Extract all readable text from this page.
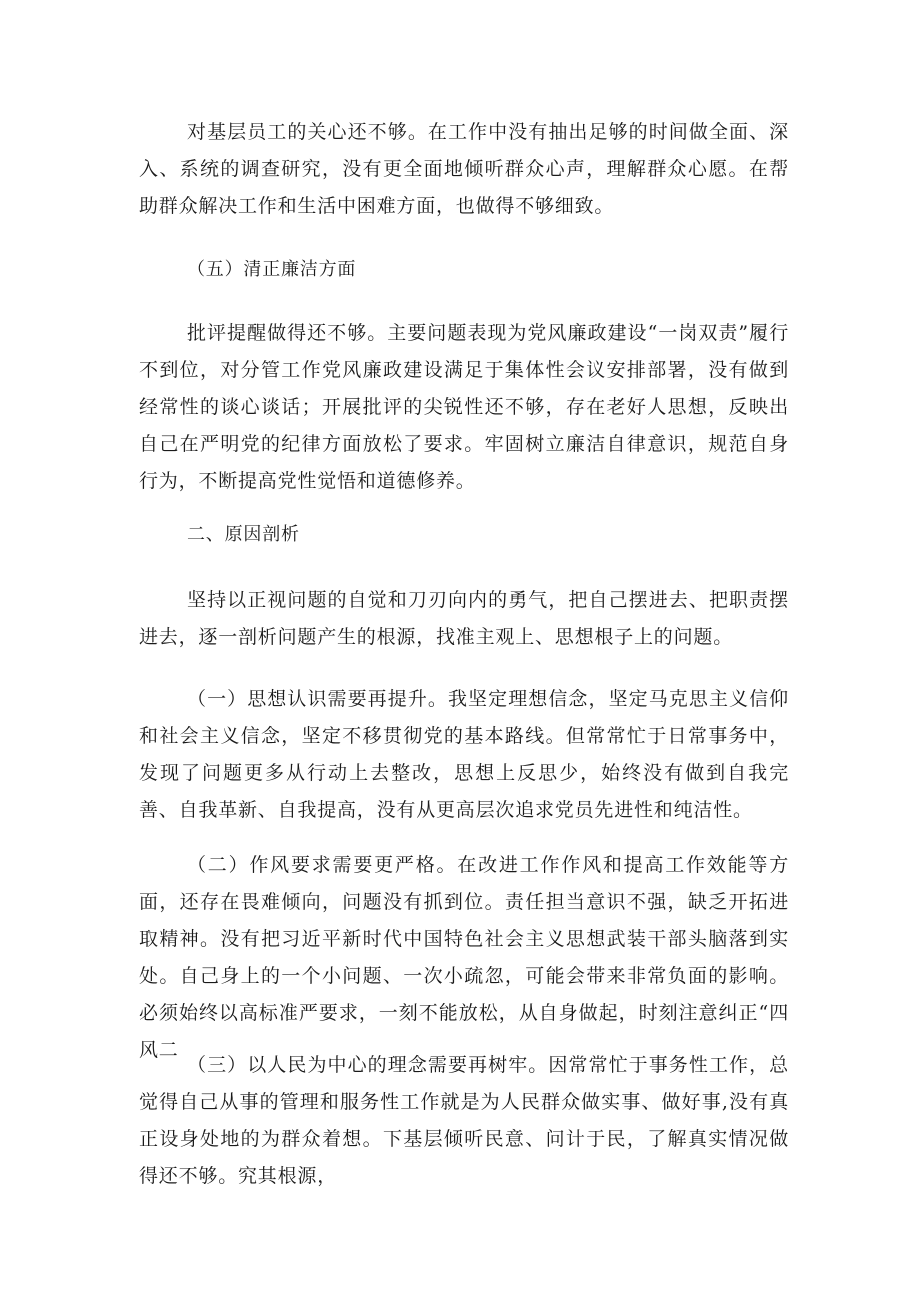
对基层员工的关心还不够。在工作中没有抽出足够的时间做全面、深入、系统的调查研究，没有更全面地倾听群众心声，理解群众心愿。在帮助群众解决工作和生活中困难方面，也做得不够细致。

（五）清正廉洁方面

批评提醒做得还不够。主要问题表现为党风廉政建设“一岗双责”履行不到位，对分管工作党风廉政建设满足于集体性会议安排部署，没有做到经常性的谈心谈话；开展批评的尖锐性还不够，存在老好人思想，反映出自己在严明党的纪律方面放松了要求。牢固树立廉洁自律意识，规范自身行为，不断提高党性觉悟和道德修养。

二、原因剖析

坚持以正视问题的自觉和刀刃向内的勇气，把自己摆进去、把职责摆进去，逐一剖析问题产生的根源，找准主观上、思想根子上的问题。

（一）思想认识需要再提升。我坚定理想信念，坚定马克思主义信仰和社会主义信念，坚定不移贯彻党的基本路线。但常常忙于日常事务中，发现了问题更多从行动上去整改，思想上反思少，始终没有做到自我完善、自我革新、自我提高，没有从更高层次追求党员先进性和纯洁性。

（二）作风要求需要更严格。在改进工作作风和提高工作效能等方面，还存在畏难倾向，问题没有抓到位。责任担当意识不强，缺乏开拓进取精神。没有把习近平新时代中国特色社会主义思想武装干部头脑落到实处。自己身上的一个小问题、一次小疏忽，可能会带来非常负面的影响。必须始终以高标准严要求，一刻不能放松，从自身做起，时刻注意纠正“四风二

（三）以人民为中心的理念需要再树牢。因常常忙于事务性工作，总觉得自己从事的管理和服务性工作就是为人民群众做实事、做好事,没有真正设身处地的为群众着想。下基层倾听民意、问计于民，了解真实情况做得还不够。究其根源，
